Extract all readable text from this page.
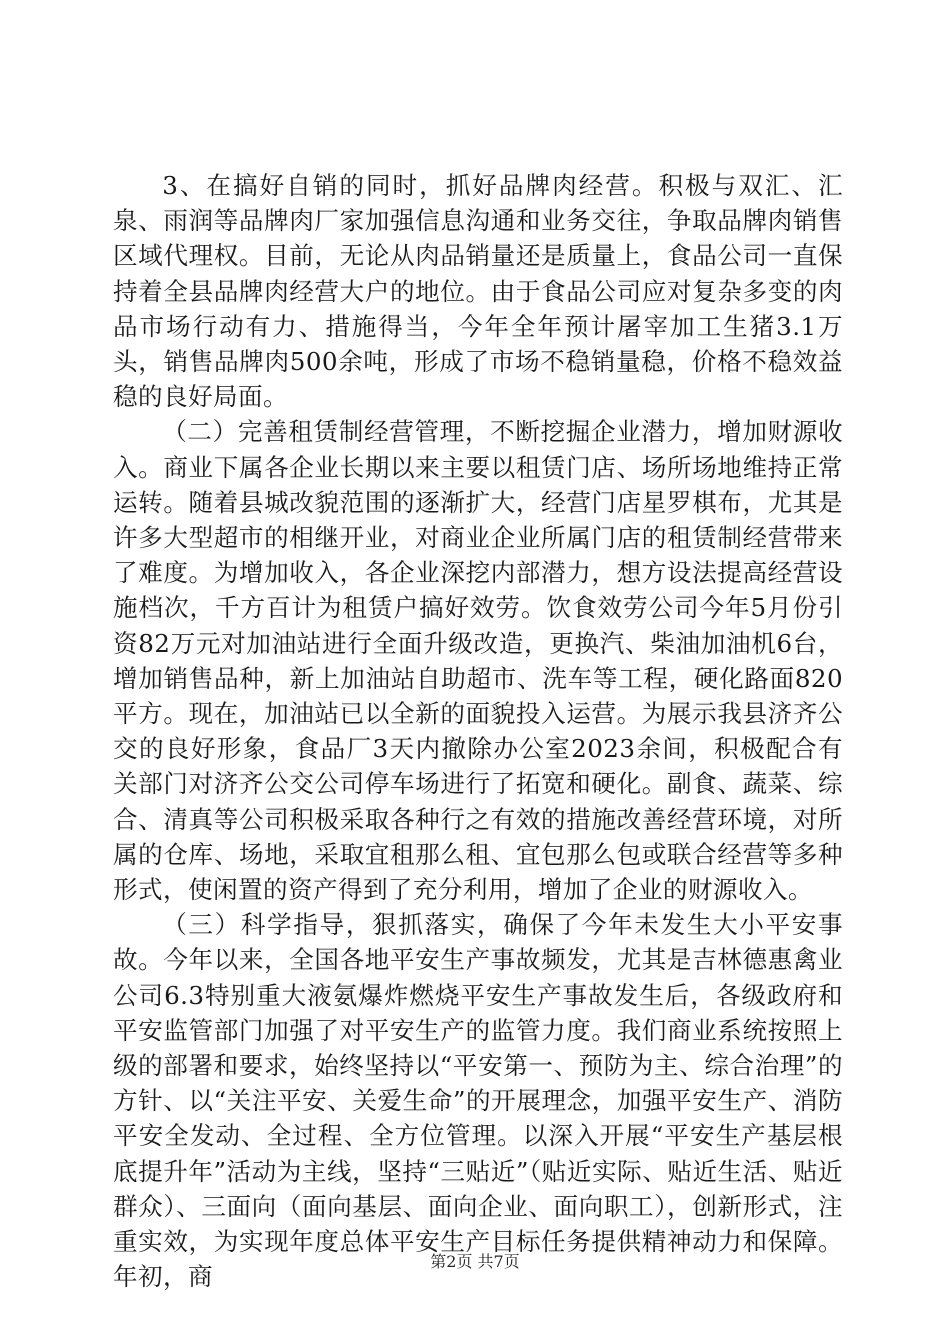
3、在搞好自销的同时，抓好品牌肉经营。积极与双汇、汇泉、雨润等品牌肉厂家加强信息沟通和业务交往，争取品牌肉销售区域代理权。目前，无论从肉品销量还是质量上，食品公司一直保持着全县品牌肉经营大户的地位。由于食品公司应对复杂多变的肉品市场行动有力、措施得当，今年全年预计屠宰加工生猪3.1万头，销售品牌肉500余吨，形成了市场不稳销量稳，价格不稳效益稳的良好局面。

（二）完善租赁制经营管理，不断挖掘企业潜力，增加财源收入。商业下属各企业长期以来主要以租赁门店、场所场地维持正常运转。随着县城改貌范围的逐渐扩大，经营门店星罗棋布，尤其是许多大型超市的相继开业，对商业企业所属门店的租赁制经营带来了难度。为增加收入，各企业深挖内部潜力，想方设法提高经营设施档次，千方百计为租赁户搞好效劳。饮食效劳公司今年5月份引资82万元对加油站进行全面升级改造，更换汽、柴油加油机6台，增加销售品种，新上加油站自助超市、洗车等工程，硬化路面820平方。现在，加油站已以全新的面貌投入运营。为展示我县济齐公交的良好形象，食品厂3天内撤除办公室2023余间，积极配合有关部门对济齐公交公司停车场进行了拓宽和硬化。副食、蔬菜、综合、清真等公司积极采取各种行之有效的措施改善经营环境，对所属的仓库、场地，采取宜租那么租、宜包那么包或联合经营等多种形式，使闲置的资产得到了充分利用，增加了企业的财源收入。

（三）科学指导，狠抓落实，确保了今年未发生大小平安事故。今年以来，全国各地平安生产事故频发，尤其是吉林德惠禽业公司6.3特别重大液氨爆炸燃烧平安生产事故发生后，各级政府和平安监管部门加强了对平安生产的监管力度。我们商业系统按照上级的部署和要求，始终坚持以“平安第一、预防为主、综合治理”的方针、以“关注平安、关爱生命”的开展理念，加强平安生产、消防平安全发动、全过程、全方位管理。以深入开展“平安生产基层根底提升年”活动为主线，坚持“三贴近”（贴近实际、贴近生活、贴近群众）、三面向（面向基层、面向企业、面向职工），创新形式，注重实效，为实现年度总体平安生产目标任务提供精神动力和保障。年初，商

第2页 共7页
